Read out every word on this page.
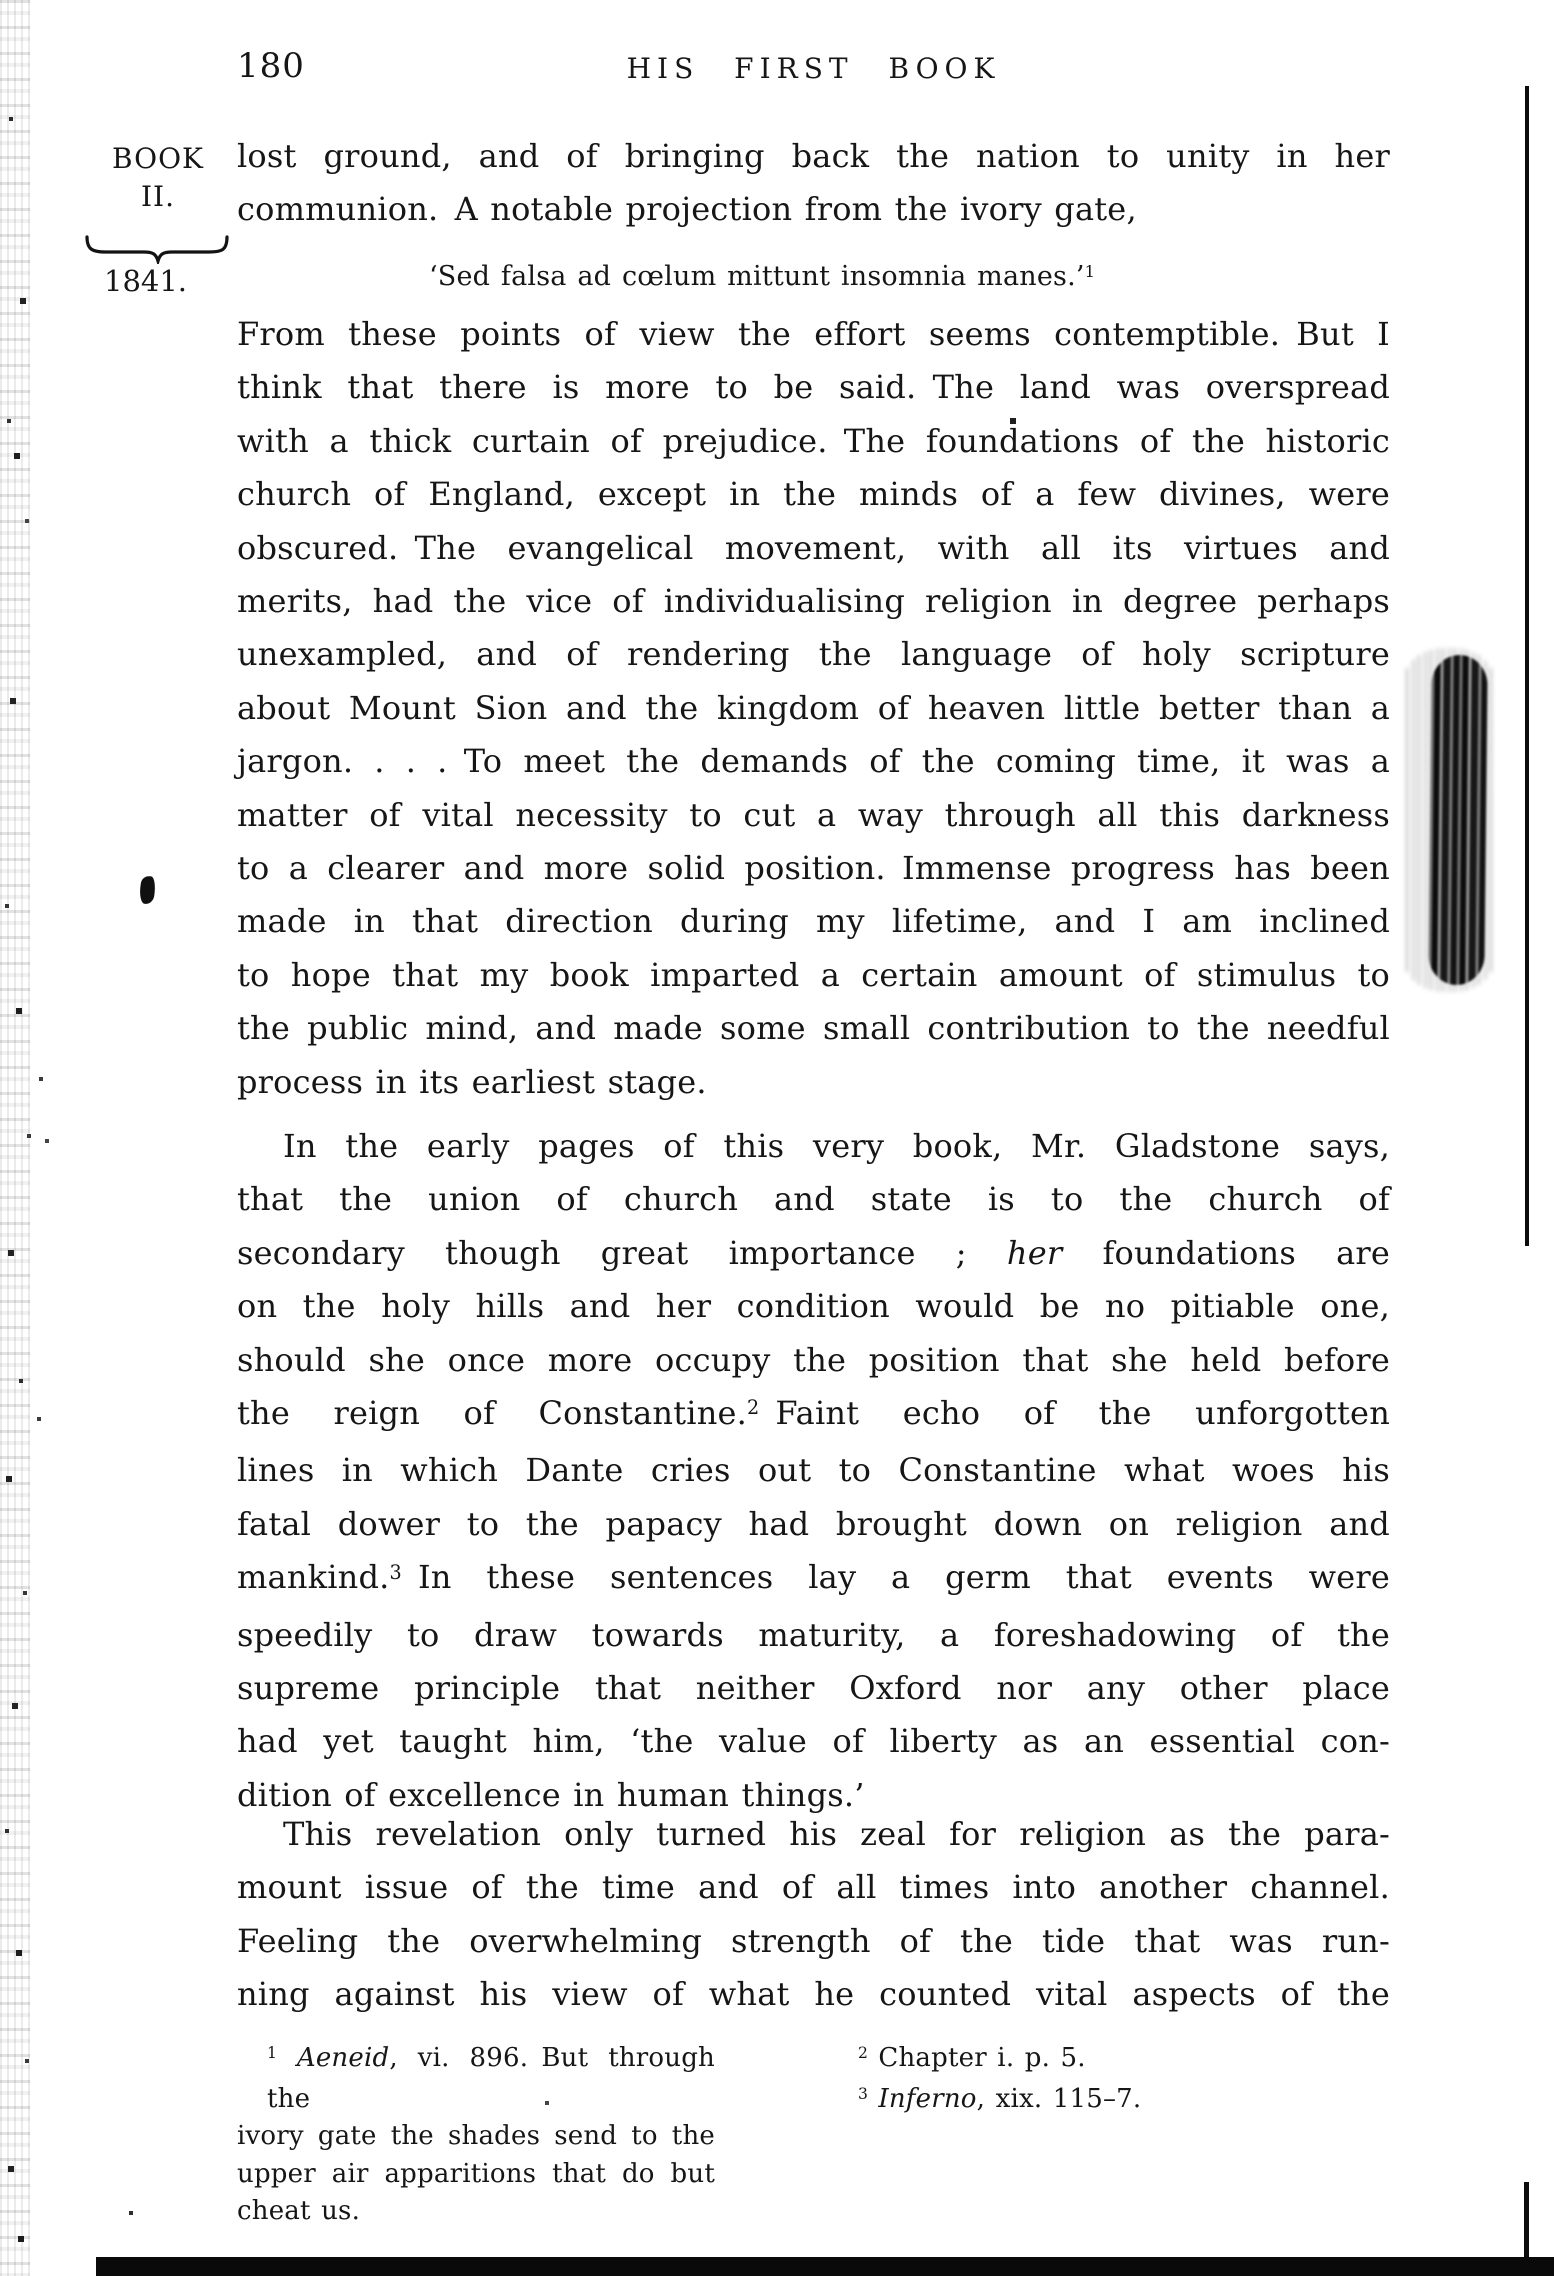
180	HIS FIRST BOOK
BOOK
II.
1841.
lost ground, and of bringing back the nation to unity in her
communion. A notable projection from the ivory gate,
‘Sed falsa ad cœlum mittunt insomnia manes.’$^1$
From these points of view the effort seems contemptible. But I
think that there is more to be said. The land was overspread
with a thick curtain of prejudice. The foundations of the historic
church of England, except in the minds of a few divines, were
obscured. The evangelical movement, with all its virtues and
merits, had the vice of individualising religion in degree perhaps
unexampled, and of rendering the language of holy scripture
about Mount Sion and the kingdom of heaven little better than a
jargon. . . . To meet the demands of the coming time, it was a
matter of vital necessity to cut a way through all this darkness
to a clearer and more solid position. Immense progress has been
made in that direction during my lifetime, and I am inclined
to hope that my book imparted a certain amount of stimulus to
the public mind, and made some small contribution to the needful
process in its earliest stage.
In the early pages of this very book, Mr. Gladstone says,
that the union of church and state is to the church of
secondary though great importance ; her foundations are
on the holy hills and her condition would be no pitiable one,
should she once more occupy the position that she held before
the reign of Constantine.$^2$ Faint echo of the unforgotten
lines in which Dante cries out to Constantine what woes his
fatal dower to the papacy had brought down on religion and
mankind.$^3$ In these sentences lay a germ that events were
speedily to draw towards maturity, a foreshadowing of the
supreme principle that neither Oxford nor any other place
had yet taught him, ‘the value of liberty as an essential con-
dition of excellence in human things.’
This revelation only turned his zeal for religion as the para-
mount issue of the time and of all times into another channel.
Feeling the overwhelming strength of the tide that was run-
ning against his view of what he counted vital aspects of the
$^1$ Aeneid, vi. 896. But through the
ivory gate the shades send to the
upper air apparitions that do but
cheat us.
$^2$ Chapter i. p. 5.
$^3$ Inferno, xix. 115–7.
